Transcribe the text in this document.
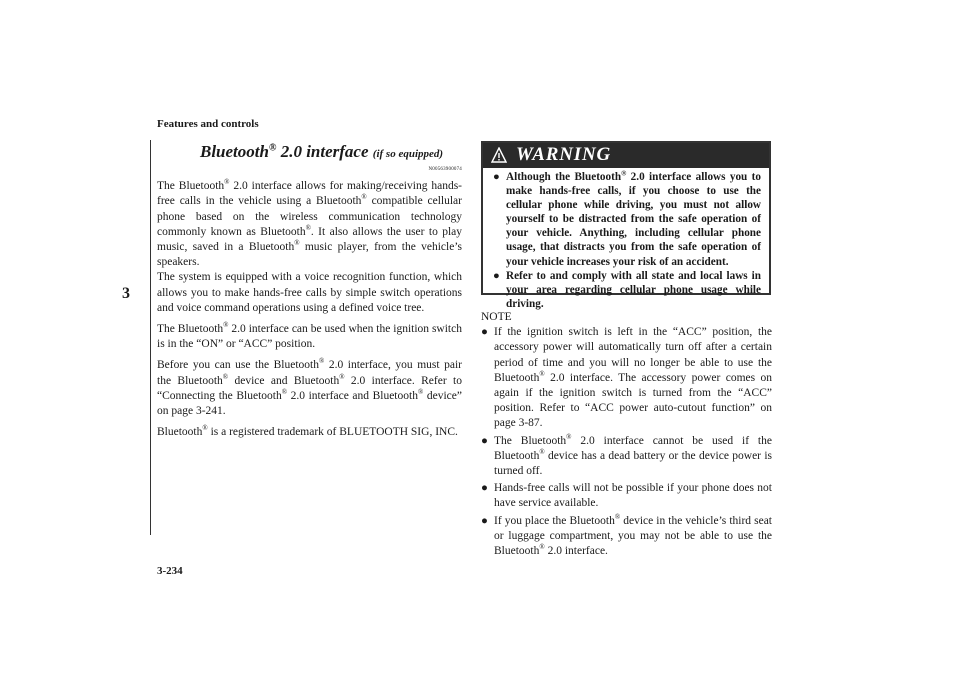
Features and controls
3
3-234
Bluetooth® 2.0 interface (if so equipped)
N00563900074
The Bluetooth® 2.0 interface allows for making/receiving hands-free calls in the vehicle using a Bluetooth® compatible cellular phone based on the wireless communication technology commonly known as Bluetooth®. It also allows the user to play music, saved in a Bluetooth® music player, from the vehicle’s speakers.
The system is equipped with a voice recognition function, which allows you to make hands-free calls by simple switch operations and voice command operations using a defined voice tree.
The Bluetooth® 2.0 interface can be used when the ignition switch is in the “ON” or “ACC” position.
Before you can use the Bluetooth® 2.0 interface, you must pair the Bluetooth® device and Bluetooth® 2.0 interface. Refer to “Connecting the Bluetooth® 2.0 interface and Bluetooth® device” on page 3-241.
Bluetooth® is a registered trademark of BLUETOOTH SIG, INC.
WARNING
● Although the Bluetooth® 2.0 interface allows you to make hands-free calls, if you choose to use the cellular phone while driving, you must not allow yourself to be distracted from the safe operation of your vehicle. Anything, including cellular phone usage, that distracts you from the safe operation of your vehicle increases your risk of an accident.
● Refer to and comply with all state and local laws in your area regarding cellular phone usage while driving.
NOTE
● If the ignition switch is left in the “ACC” position, the accessory power will automatically turn off after a certain period of time and you will no longer be able to use the Bluetooth® 2.0 interface. The accessory power comes on again if the ignition switch is turned from the “ACC” position. Refer to “ACC power auto-cutout function” on page 3-87.
● The Bluetooth® 2.0 interface cannot be used if the Bluetooth® device has a dead battery or the device power is turned off.
● Hands-free calls will not be possible if your phone does not have service available.
● If you place the Bluetooth® device in the vehicle’s third seat or luggage compartment, you may not be able to use the Bluetooth® 2.0 interface.
